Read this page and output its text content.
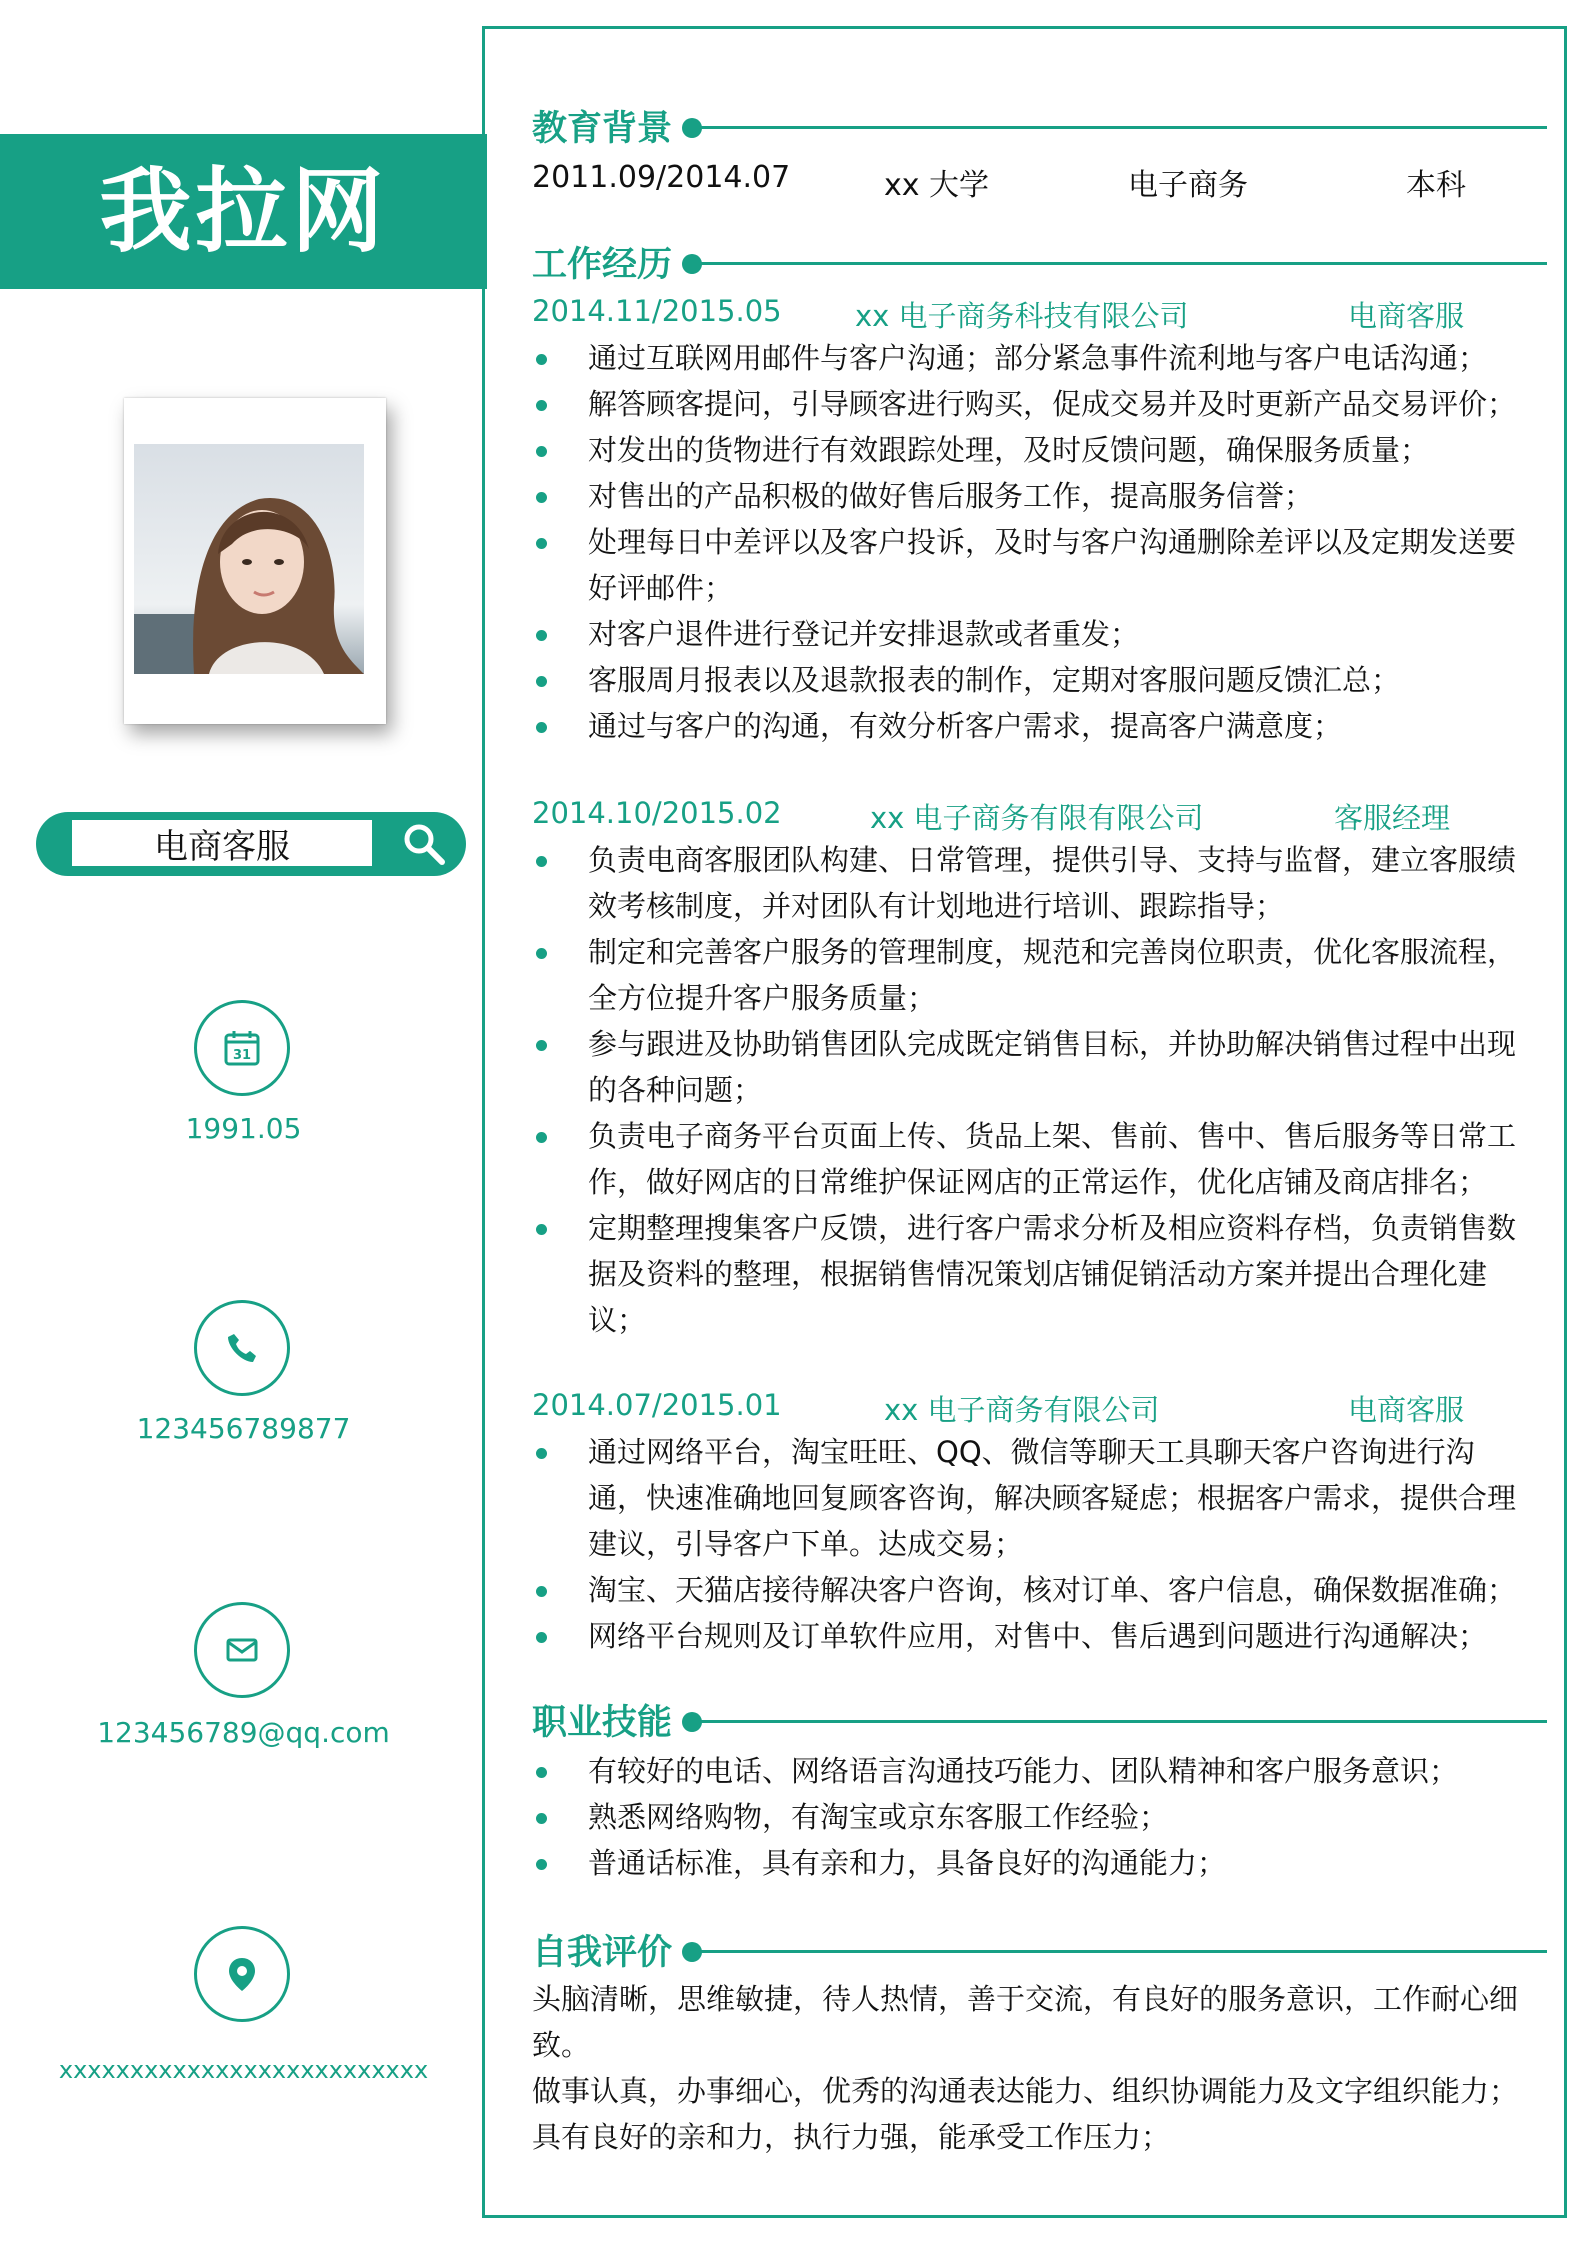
我拉网
电商客服
31
1991.05
123456789877
123456789@qq.com
xxxxxxxxxxxxxxxxxxxxxxxxxx
教育背景
2011.09/2014.07	xx 大学	电子商务	本科
工作经历
2014.11/2015.05	xx 电子商务科技有限公司	电商客服
通过互联网用邮件与客户沟通；部分紧急事件流利地与客户电话沟通；
解答顾客提问，引导顾客进行购买，促成交易并及时更新产品交易评价；
对发出的货物进行有效跟踪处理，及时反馈问题，确保服务质量；
对售出的产品积极的做好售后服务工作，提高服务信誉；
处理每日中差评以及客户投诉，及时与客户沟通删除差评以及定期发送要好评邮件；
对客户退件进行登记并安排退款或者重发；
客服周月报表以及退款报表的制作，定期对客服问题反馈汇总；
通过与客户的沟通，有效分析客户需求，提高客户满意度；
2014.10/2015.02	xx 电子商务有限有限公司	客服经理
负责电商客服团队构建、日常管理，提供引导、支持与监督，建立客服绩效考核制度，并对团队有计划地进行培训、跟踪指导；
制定和完善客户服务的管理制度，规范和完善岗位职责，优化客服流程，全方位提升客户服务质量；
参与跟进及协助销售团队完成既定销售目标，并协助解决销售过程中出现的各种问题；
负责电子商务平台页面上传、货品上架、售前、售中、售后服务等日常工作，做好网店的日常维护保证网店的正常运作，优化店铺及商店排名；
定期整理搜集客户反馈，进行客户需求分析及相应资料存档，负责销售数据及资料的整理，根据销售情况策划店铺促销活动方案并提出合理化建议；
2014.07/2015.01	xx 电子商务有限公司	电商客服
通过网络平台，淘宝旺旺、QQ、微信等聊天工具聊天客户咨询进行沟通，快速准确地回复顾客咨询，解决顾客疑虑；根据客户需求，提供合理建议，引导客户下单。达成交易；
淘宝、天猫店接待解决客户咨询，核对订单、客户信息，确保数据准确；
网络平台规则及订单软件应用，对售中、售后遇到问题进行沟通解决；
职业技能
有较好的电话、网络语言沟通技巧能力、团队精神和客户服务意识；
熟悉网络购物，有淘宝或京东客服工作经验；
普通话标准，具有亲和力，具备良好的沟通能力；
自我评价
头脑清晰，思维敏捷，待人热情，善于交流，有良好的服务意识，工作耐心细致。
做事认真，办事细心，优秀的沟通表达能力、组织协调能力及文字组织能力；具有良好的亲和力，执行力强，能承受工作压力；
